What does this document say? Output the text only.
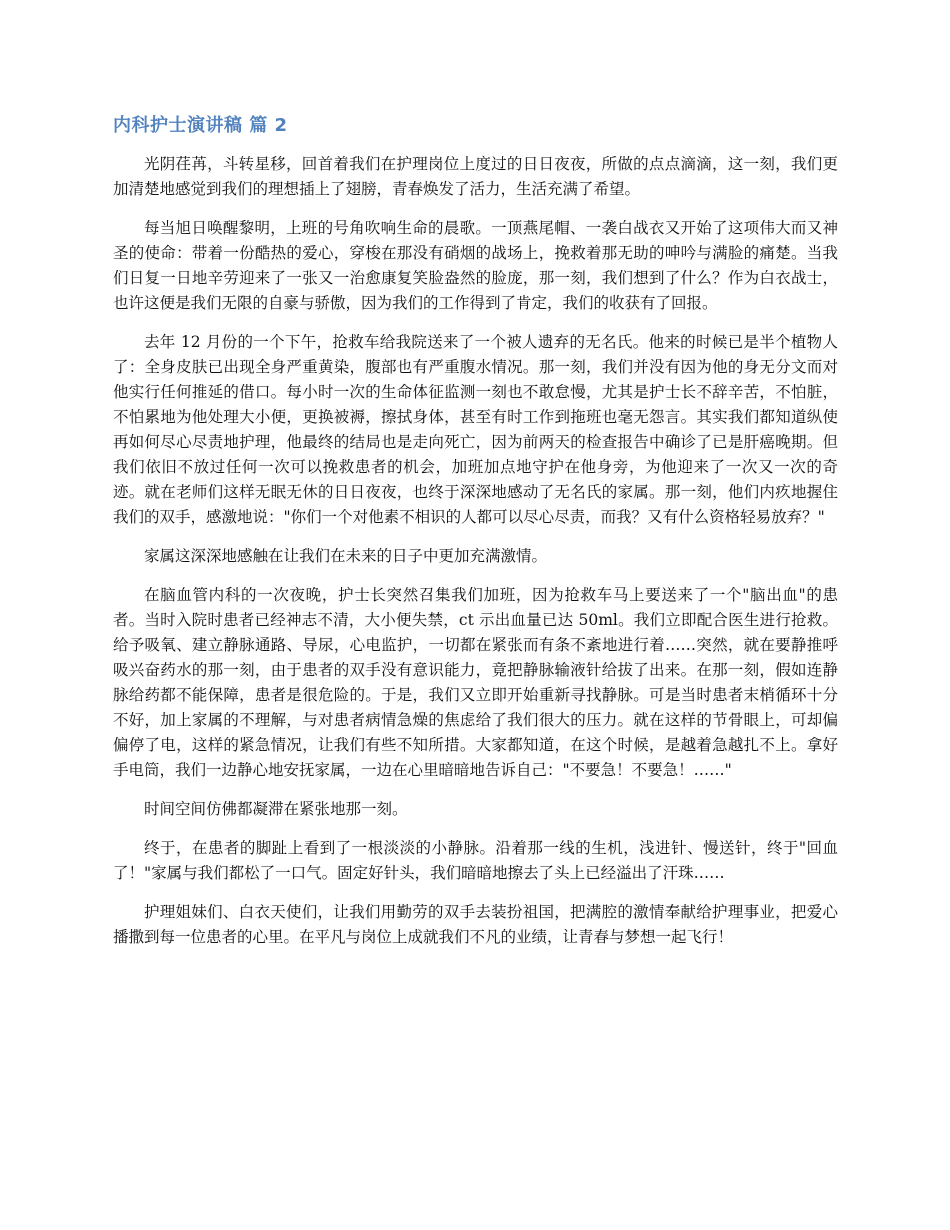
内科护士演讲稿 篇 2

光阴荏苒，斗转星移，回首着我们在护理岗位上度过的日日夜夜，所做的点点滴滴，这一刻，我们更加清楚地感觉到我们的理想插上了翅膀，青春焕发了活力，生活充满了希望。

每当旭日唤醒黎明，上班的号角吹响生命的晨歌。一顶燕尾帽、一袭白战衣又开始了这项伟大而又神圣的使命：带着一份酷热的爱心，穿梭在那没有硝烟的战场上，挽救着那无助的呻吟与满脸的痛楚。当我们日复一日地辛劳迎来了一张又一治愈康复笑脸盎然的脸庞，那一刻，我们想到了什么？作为白衣战士，也许这便是我们无限的自豪与骄傲，因为我们的工作得到了肯定，我们的收获有了回报。

去年 12 月份的一个下午，抢救车给我院送来了一个被人遗弃的无名氏。他来的时候已是半个植物人了：全身皮肤已出现全身严重黄染，腹部也有严重腹水情况。那一刻，我们并没有因为他的身无分文而对他实行任何推延的借口。每小时一次的生命体征监测一刻也不敢怠慢，尤其是护士长不辞辛苦，不怕脏，不怕累地为他处理大小便，更换被褥，擦拭身体，甚至有时工作到拖班也毫无怨言。其实我们都知道纵使再如何尽心尽责地护理，他最终的结局也是走向死亡，因为前两天的检查报告中确诊了已是肝癌晚期。但我们依旧不放过任何一次可以挽救患者的机会，加班加点地守护在他身旁，为他迎来了一次又一次的奇迹。就在老师们这样无眠无休的日日夜夜，也终于深深地感动了无名氏的家属。那一刻，他们内疚地握住我们的双手，感激地说："你们一个对他素不相识的人都可以尽心尽责，而我？又有什么资格轻易放弃？"

家属这深深地感触在让我们在未来的日子中更加充满激情。

在脑血管内科的一次夜晚，护士长突然召集我们加班，因为抢救车马上要送来了一个"脑出血"的患者。当时入院时患者已经神志不清，大小便失禁，ct 示出血量已达 50ml。我们立即配合医生进行抢救。给予吸氧、建立静脉通路、导尿，心电监护，一切都在紧张而有条不紊地进行着……突然，就在要静推呼吸兴奋药水的那一刻，由于患者的双手没有意识能力，竟把静脉输液针给拔了出来。在那一刻，假如连静脉给药都不能保障，患者是很危险的。于是，我们又立即开始重新寻找静脉。可是当时患者末梢循环十分不好，加上家属的不理解，与对患者病情急燥的焦虑给了我们很大的压力。就在这样的节骨眼上，可却偏偏停了电，这样的紧急情况，让我们有些不知所措。大家都知道，在这个时候，是越着急越扎不上。拿好手电筒，我们一边静心地安抚家属，一边在心里暗暗地告诉自己："不要急！不要急！……"

时间空间仿佛都凝滞在紧张地那一刻。

终于，在患者的脚趾上看到了一根淡淡的小静脉。沿着那一线的生机，浅进针、慢送针，终于"回血了！"家属与我们都松了一口气。固定好针头，我们暗暗地擦去了头上已经溢出了汗珠……

护理姐妹们、白衣天使们，让我们用勤劳的双手去装扮祖国，把满腔的激情奉献给护理事业，把爱心播撒到每一位患者的心里。在平凡与岗位上成就我们不凡的业绩，让青春与梦想一起飞行！
